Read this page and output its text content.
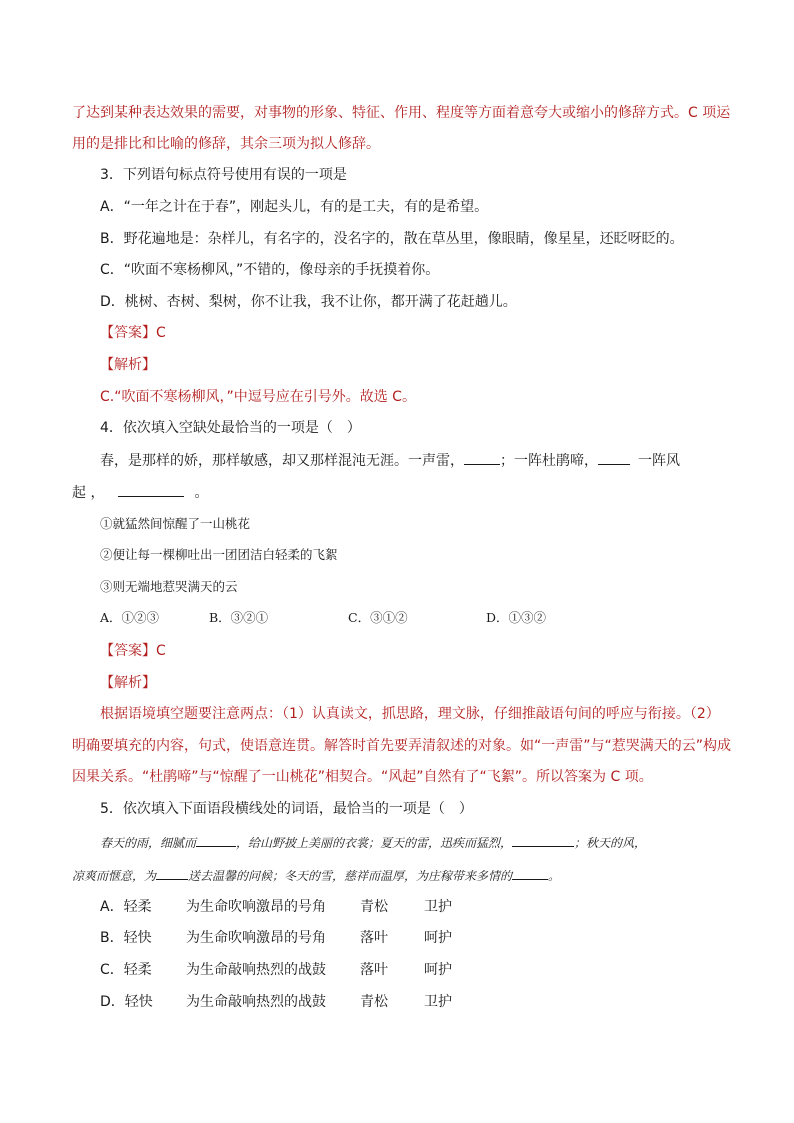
了达到某种表达效果的需要，对事物的形象、特征、作用、程度等方面着意夸大或缩小的修辞方式。C 项运
用的是排比和比喻的修辞，其余三项为拟人修辞。
3．下列语句标点符号使用有误的一项是
A．“一年之计在于春”，刚起头儿，有的是工夫，有的是希望。
B．野花遍地是：杂样儿，有名字的，没名字的，散在草丛里，像眼睛，像星星，还眨呀眨的。
C．“吹面不寒杨柳风，”不错的，像母亲的手抚摸着你。
D．桃树、杏树、梨树，你不让我，我不让你，都开满了花赶趟儿。
【答案】C
【解析】
C.“吹面不寒杨柳风，”中逗号应在引号外。故选 C。
4．依次填入空缺处最恰当的一项是（　）
春，是那样的娇，那样敏感，却又那样混沌无涯。一声雷，	；一阵杜鹃啼，	一阵风
起 ，	。
①就猛然间惊醒了一山桃花
②便让每一棵柳吐出一团团洁白轻柔的飞絮
③则无端地惹哭满天的云
A．①②③	B．③②①	C．③①②	D．①③②
【答案】C
【解析】
根据语境填空题要注意两点：（1）认真读文，抓思路，理文脉，仔细推敲语句间的呼应与衔接。（2）
明确要填充的内容，句式，使语意连贯。解答时首先要弄清叙述的对象。如“一声雷”与“惹哭满天的云”构成
因果关系。“杜鹃啼”与“惊醒了一山桃花”相契合。“风起”自然有了“飞絮”。所以答案为 C 项。
5．依次填入下面语段横线处的词语，最恰当的一项是（　）
春天的雨，细腻而	，给山野披上美丽的衣裳；夏天的雷，迅疾而猛烈，	；秋天的风，
凉爽而惬意，为	送去温馨的问候；冬天的雪，慈祥而温厚，为庄稼带来多情的	。
A．轻柔 为生命吹响激昂的号角 青松	卫护
B．轻快 为生命吹响激昂的号角 落叶	呵护
C．轻柔 为生命敲响热烈的战鼓 落叶	呵护
D．轻快 为生命敲响热烈的战鼓 青松	卫护
